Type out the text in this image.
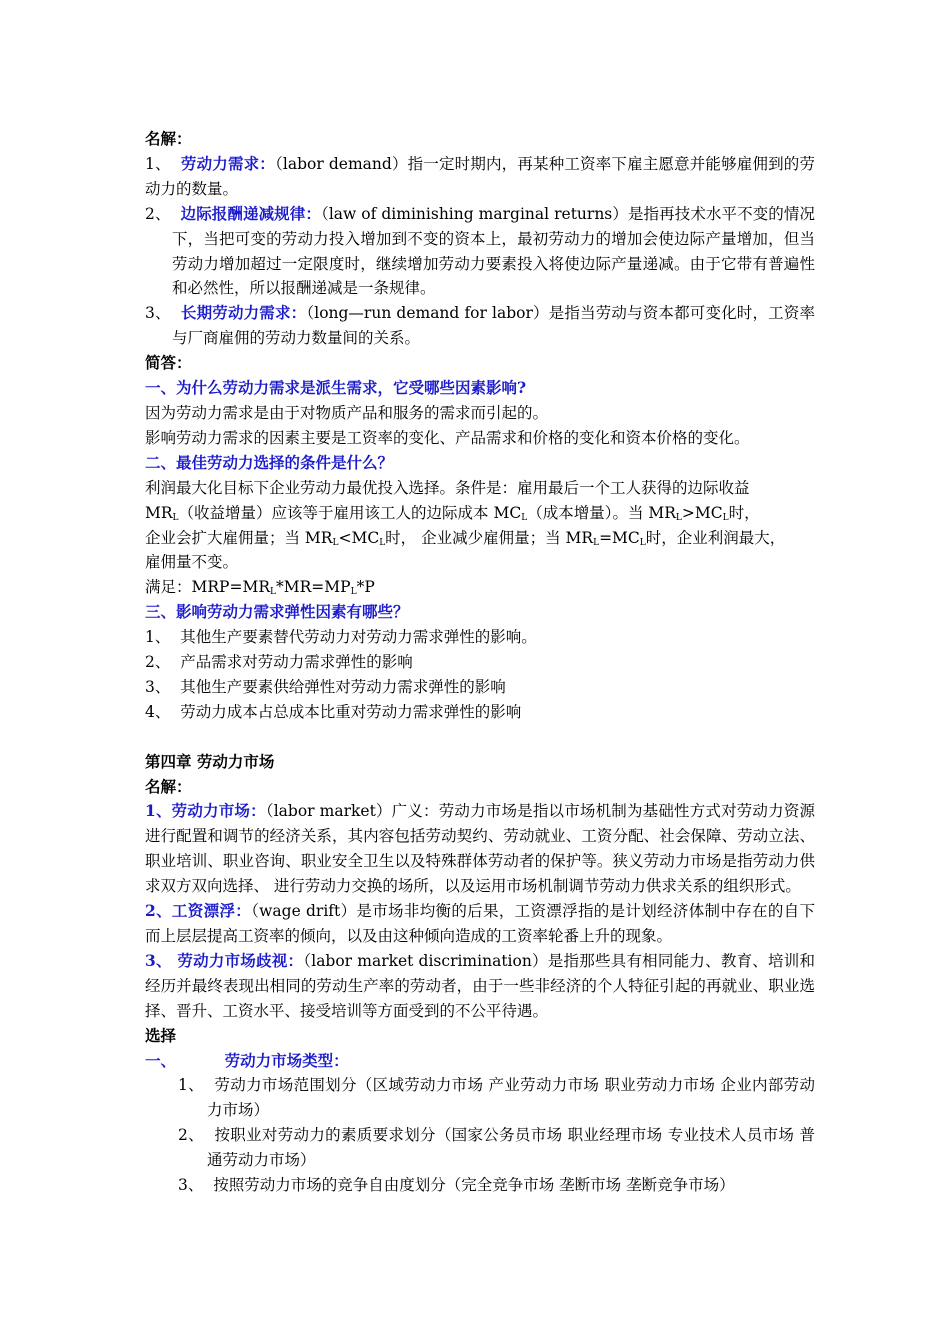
名解：
1、 劳动力需求：（labor demand）指一定时期内，再某种工资率下雇主愿意并能够雇佣到的劳动力的数量。
2、 边际报酬递减规律：（law of diminishing marginal returns）是指再技术水平不变的情况下，当把可变的劳动力投入增加到不变的资本上，最初劳动力的增加会使边际产量增加，但当劳动力增加超过一定限度时，继续增加劳动力要素投入将使边际产量递减。由于它带有普遍性和必然性，所以报酬递减是一条规律。
3、 长期劳动力需求：（long—run demand for labor）是指当劳动与资本都可变化时，工资率与厂商雇佣的劳动力数量间的关系。
简答：
一、为什么劳动力需求是派生需求，它受哪些因素影响?
因为劳动力需求是由于对物质产品和服务的需求而引起的。
影响劳动力需求的因素主要是工资率的变化、产品需求和价格的变化和资本价格的变化。
二、最佳劳动力选择的条件是什么？
利润最大化目标下企业劳动力最优投入选择。条件是：雇用最后一个工人获得的边际收益
$MR_L$（收益增量）应该等于雇用该工人的边际成本 $MC_L$（成本增量）。当 $MR_L>MC_L$时，
企业会扩大雇佣量；当 $MR_L<MC_L$时， 企业减少雇佣量；当 $MR_L=MC_L$时，企业利润最大，
雇佣量不变。
满足：$MRP=MR_L*MR=MP_L*P$
三、影响劳动力需求弹性因素有哪些？
1、 其他生产要素替代劳动力对劳动力需求弹性的影响。
2、 产品需求对劳动力需求弹性的影响
3、 其他生产要素供给弹性对劳动力需求弹性的影响
4、 劳动力成本占总成本比重对劳动力需求弹性的影响
第四章 劳动力市场
名解：
1、劳动力市场：（labor market）广义：劳动力市场是指以市场机制为基础性方式对劳动力资源进行配置和调节的经济关系，其内容包括劳动契约、劳动就业、工资分配、社会保障、劳动立法、职业培训、职业咨询、职业安全卫生以及特殊群体劳动者的保护等。狭义劳动力市场是指劳动力供求双方双向选择、 进行劳动力交换的场所，以及运用市场机制调节劳动力供求关系的组织形式。
2、工资漂浮：（wage drift）是市场非均衡的后果，工资漂浮指的是计划经济体制中存在的自下而上层层提高工资率的倾向，以及由这种倾向造成的工资率轮番上升的现象。
3、 劳动力市场歧视：（labor market discrimination）是指那些具有相同能力、教育、培训和经历并最终表现出相同的劳动生产率的劳动者，由于一些非经济的个人特征引起的再就业、职业选择、晋升、工资水平、接受培训等方面受到的不公平待遇。
选择
一、	劳动力市场类型：
1、 劳动力市场范围划分（区域劳动力市场 产业劳动力市场 职业劳动力市场 企业内部劳动力市场）
2、 按职业对劳动力的素质要求划分（国家公务员市场 职业经理市场 专业技术人员市场 普通劳动力市场）
3、 按照劳动力市场的竞争自由度划分（完全竞争市场 垄断市场 垄断竞争市场）
